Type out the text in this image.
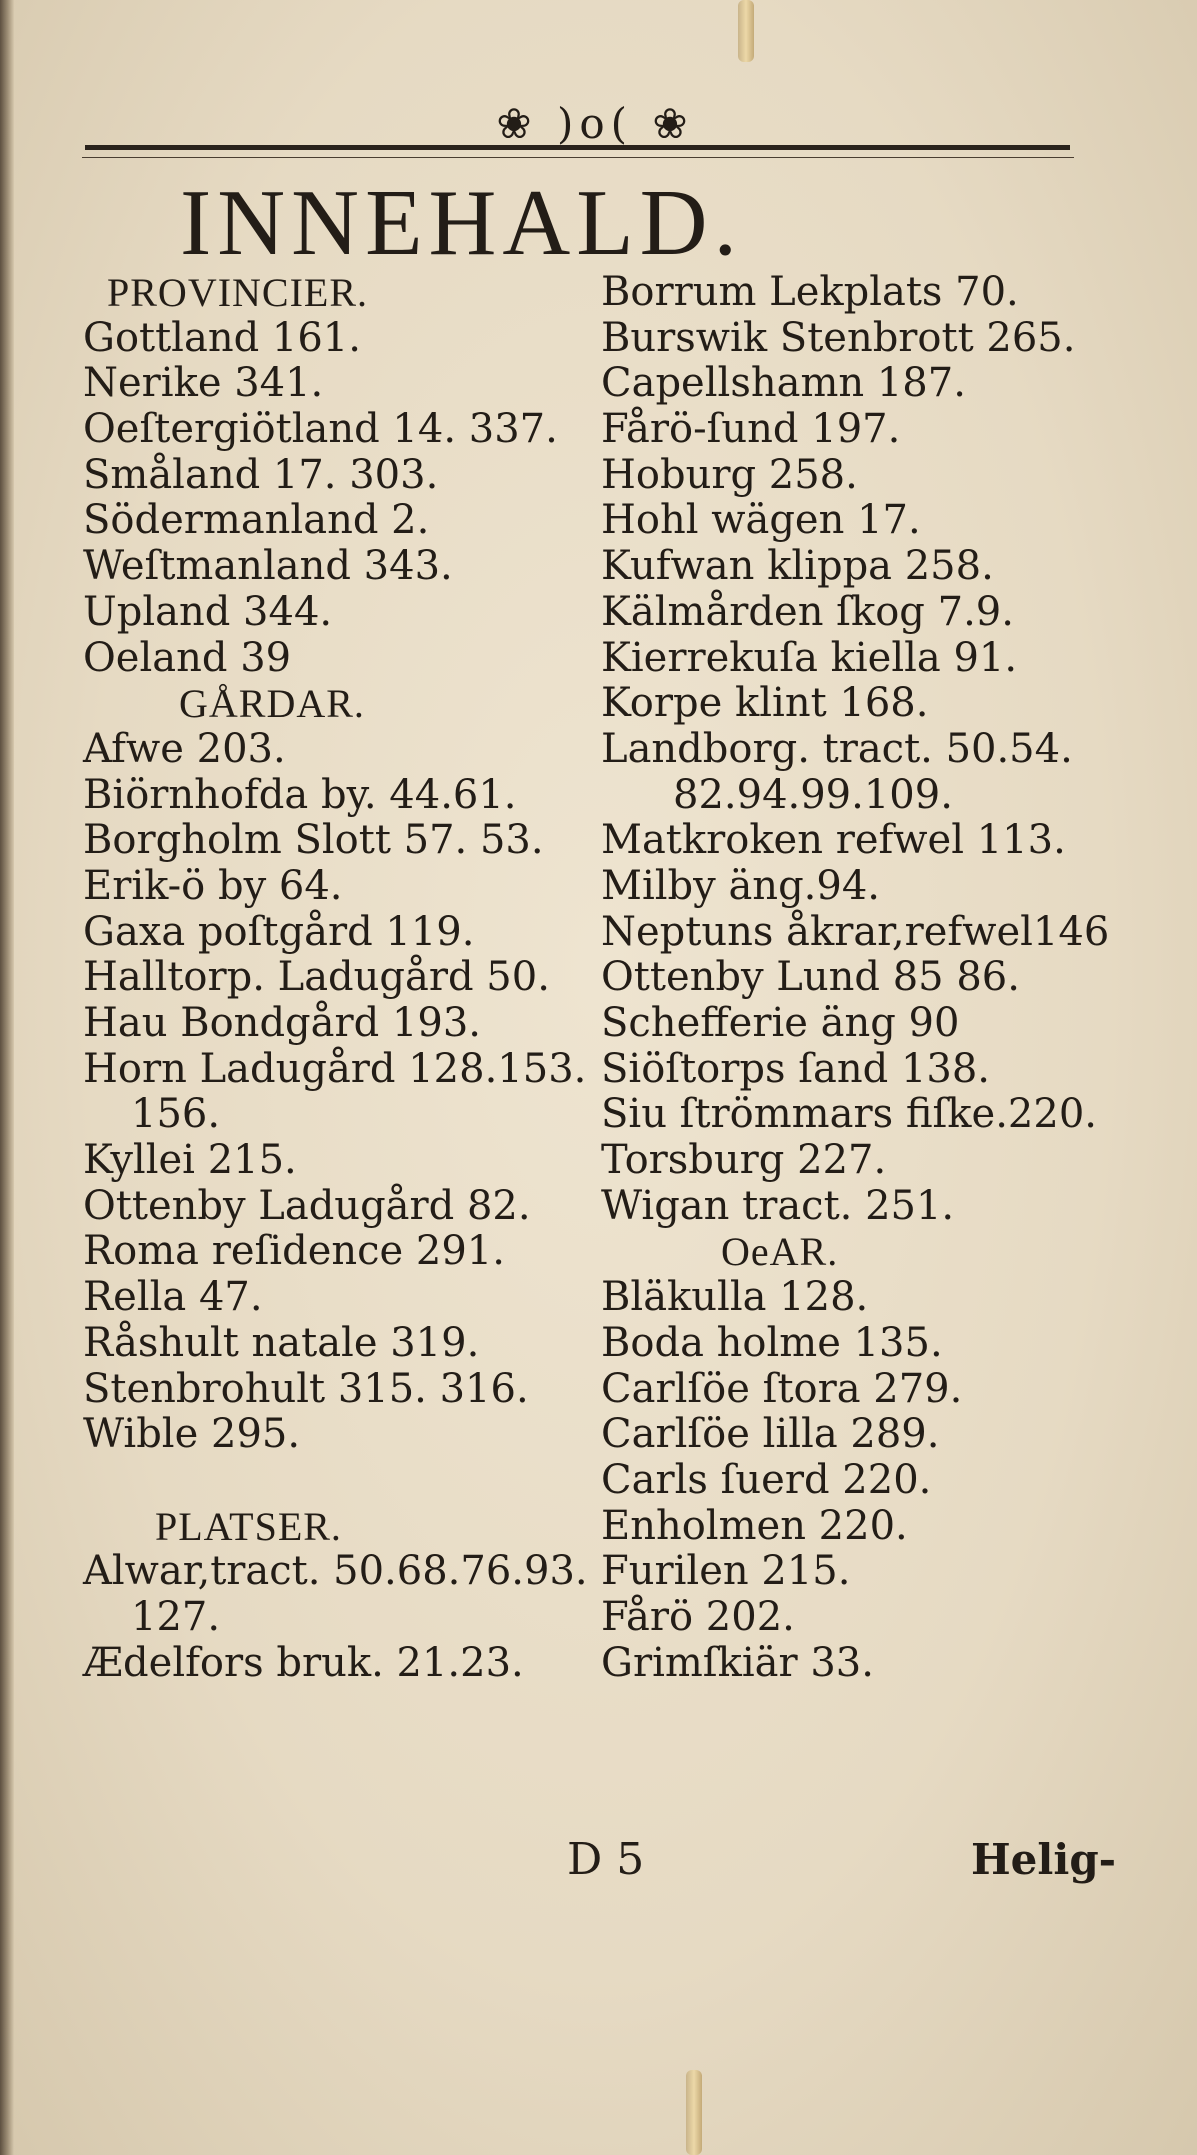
❀ )o( ❀
INNEHALD.
PROVINCIER.
Gottland 161.
Nerike 341.
Oeſtergiötland 14. 337.
Småland 17. 303.
Södermanland 2.
Weſtmanland 343.
Upland 344.
Oeland 39
GÅRDAR.
Afwe 203.
Biörnhofda by. 44.61.
Borgholm Slott 57. 53.
Erik-ö by 64.
Gaxa poſtgård 119.
Halltorp. Ladugård 50.
Hau Bondgård 193.
Horn Ladugård 128.153.
156.
Kyllei 215.
Ottenby Ladugård 82.
Roma reſidence 291.
Rella 47.
Råshult natale 319.
Stenbrohult 315. 316.
Wible 295.
PLATSER.
Alwar,tract. 50.68.76.93.
127.
Ædelfors bruk. 21.23.
Borrum Lekplats 70.
Burswik Stenbrott 265.
Capellshamn 187.
Fårö-ſund 197.
Hoburg 258.
Hohl wägen 17.
Kufwan klippa 258.
Kälmården ſkog 7.9.
Kierrekuſa kiella 91.
Korpe klint 168.
Landborg. tract. 50.54.
82.94.99.109.
Matkroken refwel 113.
Milby äng.94.
Neptuns åkrar,refwel146
Ottenby Lund 85 86.
Schefferie äng 90
Siöſtorps ſand 138.
Siu ſtrömmars fiſke.220.
Torsburg 227.
Wigan tract. 251.
OeAR.
Bläkulla 128.
Boda holme 135.
Carlſöe ſtora 279.
Carlſöe lilla 289.
Carls ſuerd 220.
Enholmen 220.
Furilen 215.
Fårö 202.
Grimſkiär 33.
D 5	Helig-
